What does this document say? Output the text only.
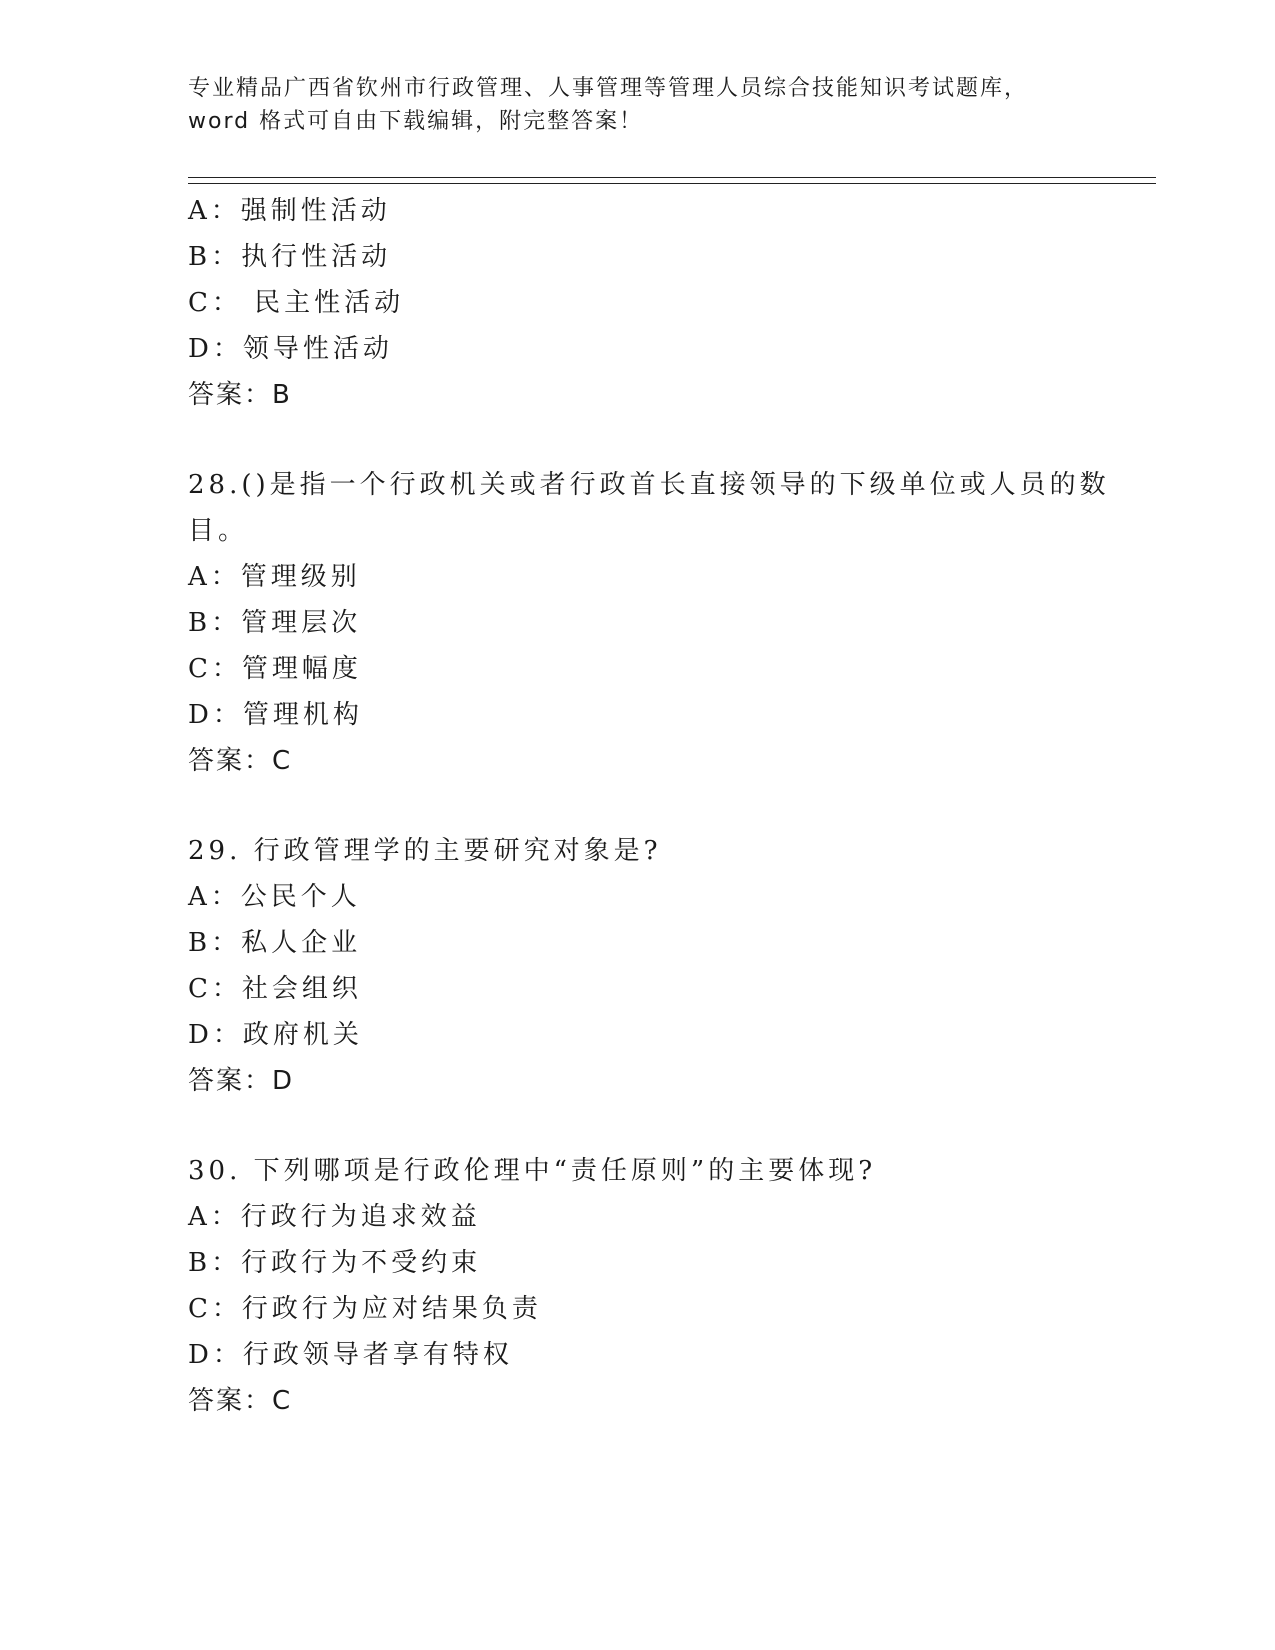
专业精品广西省钦州市行政管理、人事管理等管理人员综合技能知识考试题库，
word 格式可自由下载编辑，附完整答案！
A：强制性活动
B：执行性活动
C： 民主性活动
D：领导性活动
答案：B
28.()是指一个行政机关或者行政首长直接领导的下级单位或人员的数
目。
A：管理级别
B：管理层次
C：管理幅度
D：管理机构
答案：C
29. 行政管理学的主要研究对象是?
A：公民个人
B：私人企业
C：社会组织
D：政府机关
答案：D
30. 下列哪项是行政伦理中“责任原则”的主要体现?
A：行政行为追求效益
B：行政行为不受约束
C：行政行为应对结果负责
D：行政领导者享有特权
答案：C
